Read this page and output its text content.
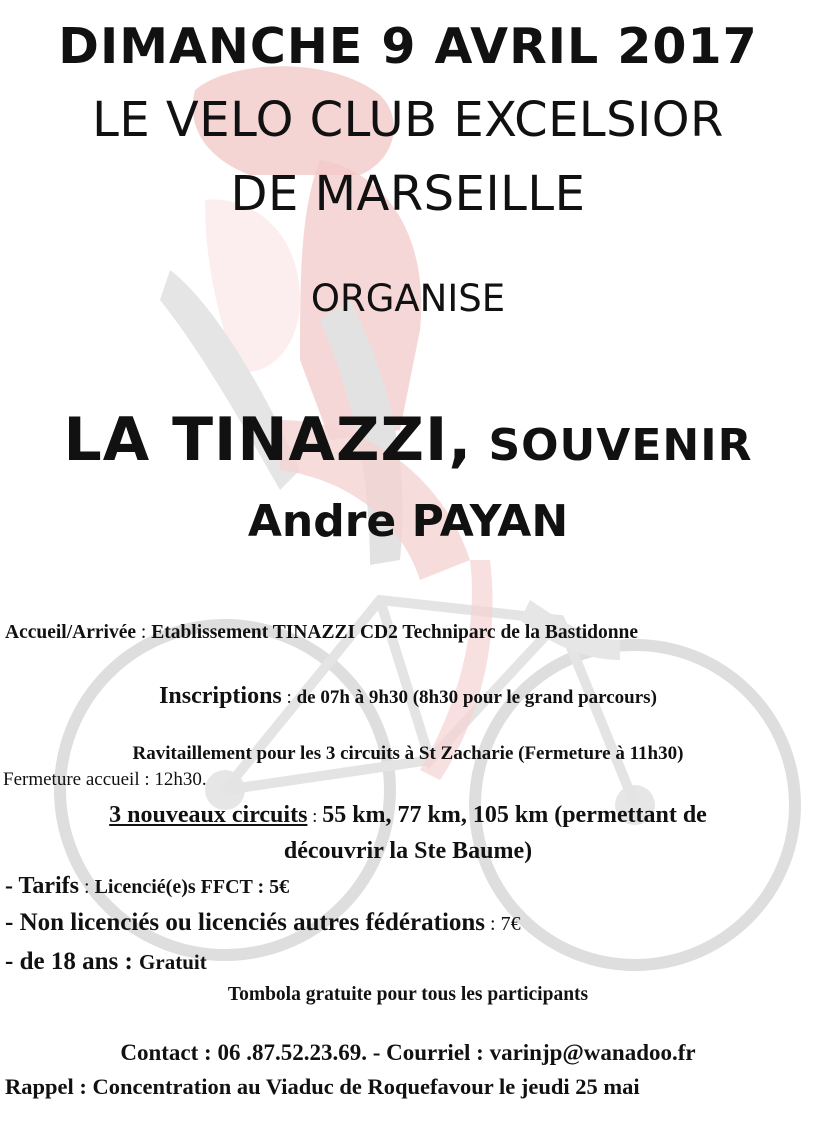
DIMANCHE 9 AVRIL 2017
LE VELO CLUB EXCELSIOR
DE MARSEILLE
ORGANISE
LA TINAZZI, SOUVENIR
Andre PAYAN
Accueil/Arrivée : Etablissement TINAZZI CD2 Techniparc de la Bastidonne
Inscriptions : de 07h à 9h30 (8h30 pour le grand parcours)
Ravitaillement pour les 3 circuits à St Zacharie (Fermeture à 11h30)
Fermeture accueil : 12h30.
3 nouveaux circuits : 55 km, 77 km, 105 km (permettant de
découvrir la Ste Baume)
- Tarifs : Licencié(e)s FFCT : 5€
- Non licenciés ou licenciés autres fédérations : 7€
- de 18 ans : Gratuit
Tombola gratuite pour tous les participants
Contact : 06 .87.52.23.69. - Courriel : varinjp@wanadoo.fr
Rappel : Concentration au Viaduc de Roquefavour le jeudi 25 mai
